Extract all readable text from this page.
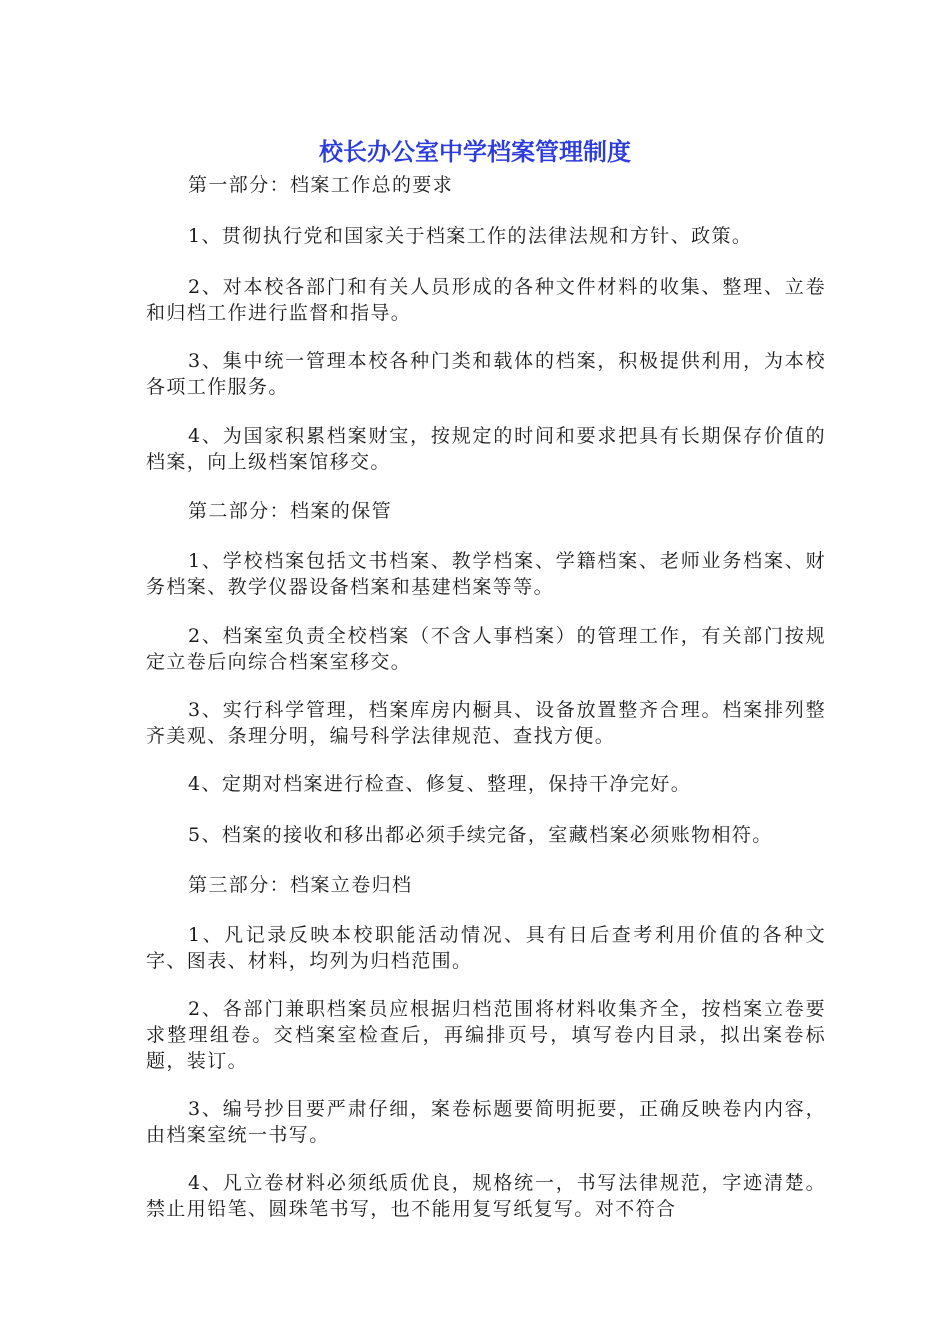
校长办公室中学档案管理制度

第一部分：档案工作总的要求

1、贯彻执行党和国家关于档案工作的法律法规和方针、政策。

2、对本校各部门和有关人员形成的各种文件材料的收集、整理、立卷和归档工作进行监督和指导。

3、集中统一管理本校各种门类和载体的档案，积极提供利用，为本校各项工作服务。

4、为国家积累档案财宝，按规定的时间和要求把具有长期保存价值的档案，向上级档案馆移交。

第二部分：档案的保管

1、学校档案包括文书档案、教学档案、学籍档案、老师业务档案、财务档案、教学仪器设备档案和基建档案等等。

2、档案室负责全校档案（不含人事档案）的管理工作，有关部门按规定立卷后向综合档案室移交。

3、实行科学管理，档案库房内橱具、设备放置整齐合理。档案排列整齐美观、条理分明，编号科学法律规范、查找方便。

4、定期对档案进行检查、修复、整理，保持干净完好。

5、档案的接收和移出都必须手续完备，室藏档案必须账物相符。

第三部分：档案立卷归档

1、凡记录反映本校职能活动情况、具有日后查考利用价值的各种文字、图表、材料，均列为归档范围。

2、各部门兼职档案员应根据归档范围将材料收集齐全，按档案立卷要求整理组卷。交档案室检查后，再编排页号，填写卷内目录，拟出案卷标题，装订。

3、编号抄目要严肃仔细，案卷标题要简明扼要，正确反映卷内内容，由档案室统一书写。

4、凡立卷材料必须纸质优良，规格统一，书写法律规范，字迹清楚。禁止用铅笔、圆珠笔书写，也不能用复写纸复写。对不符合
